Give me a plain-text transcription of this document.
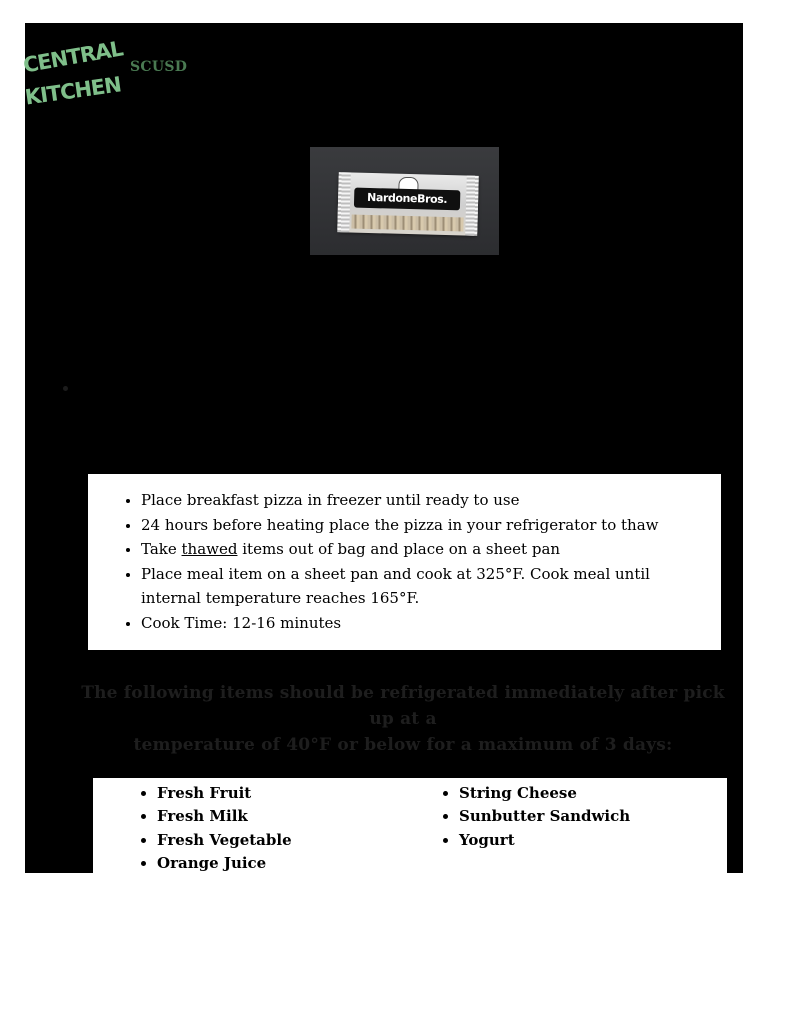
CENTRAL
KITCHEN
SCUSD
NardoneBros.
• Place breakfast pizza in freezer until ready to use
• 24 hours before heating place the pizza in your refrigerator to thaw
• Take thawed items out of bag and place on a sheet pan
• Place meal item on a sheet pan and cook at 325°F. Cook meal until
internal temperature reaches 165°F.
• Cook Time: 12-16 minutes
The following items should be refrigerated immediately after pick up at a
temperature of 40°F or below for a maximum of 3 days:
• Fresh Fruit
• Fresh Milk
• Fresh Vegetable
• Orange Juice
• String Cheese
• Sunbutter Sandwich
• Yogurt
